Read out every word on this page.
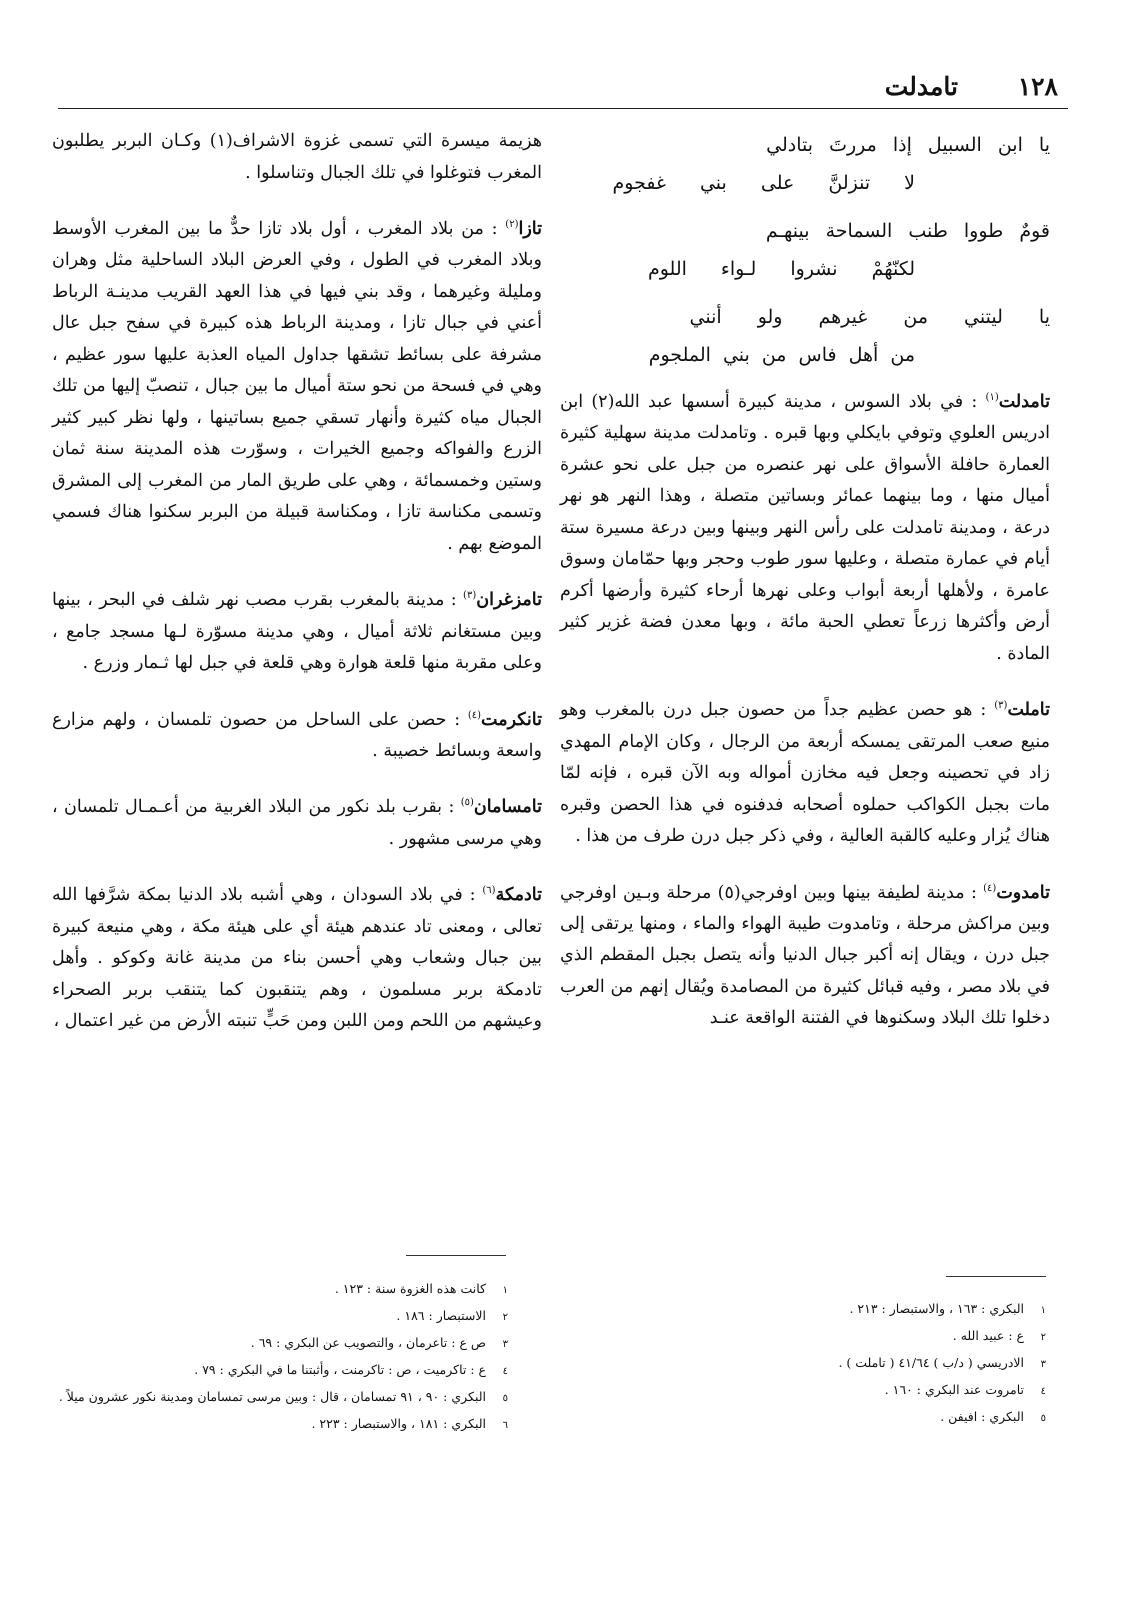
١٢٨
تامدلت
يا ابن السبيل إذا مررتَ بتادلي
لا تنزلنَّ على بني غفجوم
قومٌ طووا طنب السماحة بينهـم
لكنّهُمْ نشروا لـواء اللوم
يا ليتني من غيرهم ولو أنني
من أهل فاس من بني الملجوم

تامدلت$^{(١)}$ : في بلاد السوس ، مدينة كبيرة أسسها عبد الله(٢) ابن ادريس العلوي وتوفي بايكلي وبها قبره . وتامدلت مدينة سهلية كثيرة العمارة حافلة الأسواق على نهر عنصره من جبل على نحو عشرة أميال منها ، وما بينهما عمائر وبساتين متصلة ، وهذا النهر هو نهر درعة ، ومدينة تامدلت على رأس النهر وبينها وبين درعة مسيرة ستة أيام في عمارة متصلة ، وعليها سور طوب وحجر وبها حمّامان وسوق عامرة ، ولأهلها أربعة أبواب وعلى نهرها أرحاء كثيرة وأرضها أكرم أرض وأكثرها زرعاً تعطي الحبة مائة ، وبها معدن فضة غزير كثير المادة .

تاملت$^{(٣)}$ : هو حصن عظيم جداً من حصون جبل درن بالمغرب وهو منيع صعب المرتقى يمسكه أربعة من الرجال ، وكان الإمام المهدي زاد في تحصينه وجعل فيه مخازن أمواله وبه الآن قبره ، فإنه لمّا مات بجبل الكواكب حملوه أصحابه فدفنوه في هذا الحصن وقبره هناك يُزار وعليه كالقبة العالية ، وفي ذكر جبل درن طرف من هذا .

تامدوت$^{(٤)}$ : مدينة لطيفة بينها وبين اوفرجي(٥) مرحلة وبـين اوفرجي وبين مراكش مرحلة ، وتامدوت طيبة الهواء والماء ، ومنها يرتقى إلى جبل درن ، ويقال إنه أكبر جبال الدنيا وأنه يتصل بجبل المقطم الذي في بلاد مصر ، وفيه قبائل كثيرة من المصامدة ويُقال إنهم من العرب دخلوا تلك البلاد وسكنوها في الفتنة الواقعة عنـد

هزيمة ميسرة التي تسمى غزوة الاشراف(١) وكـان البربر يطلبون المغرب فتوغلوا في تلك الجبال وتناسلوا .

تازا$^{(٢)}$ : من بلاد المغرب ، أول بلاد تازا حدٌّ ما بين المغرب الأوسط وبلاد المغرب في الطول ، وفي العرض البلاد الساحلية مثل وهران ومليلة وغيرهما ، وقد بني فيها في هذا العهد القريب مدينـة الرباط أعني في جبال تازا ، ومدينة الرباط هذه كبيرة في سفح جبل عال مشرفة على بسائط تشقها جداول المياه العذبة عليها سور عظيم ، وهي في فسحة من نحو ستة أميال ما بين جبال ، تنصبّ إليها من تلك الجبال مياه كثيرة وأنهار تسقي جميع بساتينها ، ولها نظر كبير كثير الزرع والفواكه وجميع الخيرات ، وسوّرت هذه المدينة سنة ثمان وستين وخمسمائة ، وهي على طريق المار من المغرب إلى المشرق وتسمى مكناسة تازا ، ومكناسة قبيلة من البربر سكنوا هناك فسمي الموضع بهم .

تامزغران$^{(٣)}$ : مدينة بالمغرب بقرب مصب نهر شلف في البحر ، بينها وبين مستغانم ثلاثة أميال ، وهي مدينة مسوّرة لـها مسجد جامع ، وعلى مقربة منها قلعة هوارة وهي قلعة في جبل لها ثـمار وزرع .

تانكرمت$^{(٤)}$ : حصن على الساحل من حصون تلمسان ، ولهم مزارع واسعة وبسائط خصيبة .

تامسامان$^{(٥)}$ : بقرب بلد نكور من البلاد الغربية من أعـمـال تلمسان ، وهي مرسى مشهور .

تادمكة$^{(٦)}$ : في بلاد السودان ، وهي أشبه بلاد الدنيا بمكة شرَّفها الله تعالى ، ومعنى تاد عندهم هيئة أي على هيئة مكة ، وهي منيعة كبيرة بين جبال وشعاب وهي أحسن بناء من مدينة غانة وكوكو . وأهل تادمكة بربر مسلمون ، وهم يتنقبون كما يتنقب بربر الصحراء وعيشهم من اللحم ومن اللبن ومن حَبٍّ تنبته الأرض من غير اعتمال ،

١البكري : ١٦٣ ، والاستبصار : ٢١٣ .
٢ع : عبيد الله .
٣الادريسي ( د/ب ) ٤١/٦٤ ( تاملت ) .
٤تامروت عند البكري : ١٦٠ .
٥البكري : افيفن .
١كانت هذه الغزوة سنة : ١٢٣ .
٢الاستبصار : ١٨٦ .
٣ص ع : تاعرمان ، والتصويب عن البكري : ٦٩ .
٤ع : تاكرميت ، ص : تاكرمنت ، وأثبتنا ما في البكري : ٧٩ .
٥البكري : ٩٠ ، ٩١ تمسامان ، قال : وبين مرسى تمسامان ومدينة نكور عشرون ميلاً .
٦البكري : ١٨١ ، والاستبصار : ٢٢٣ .
